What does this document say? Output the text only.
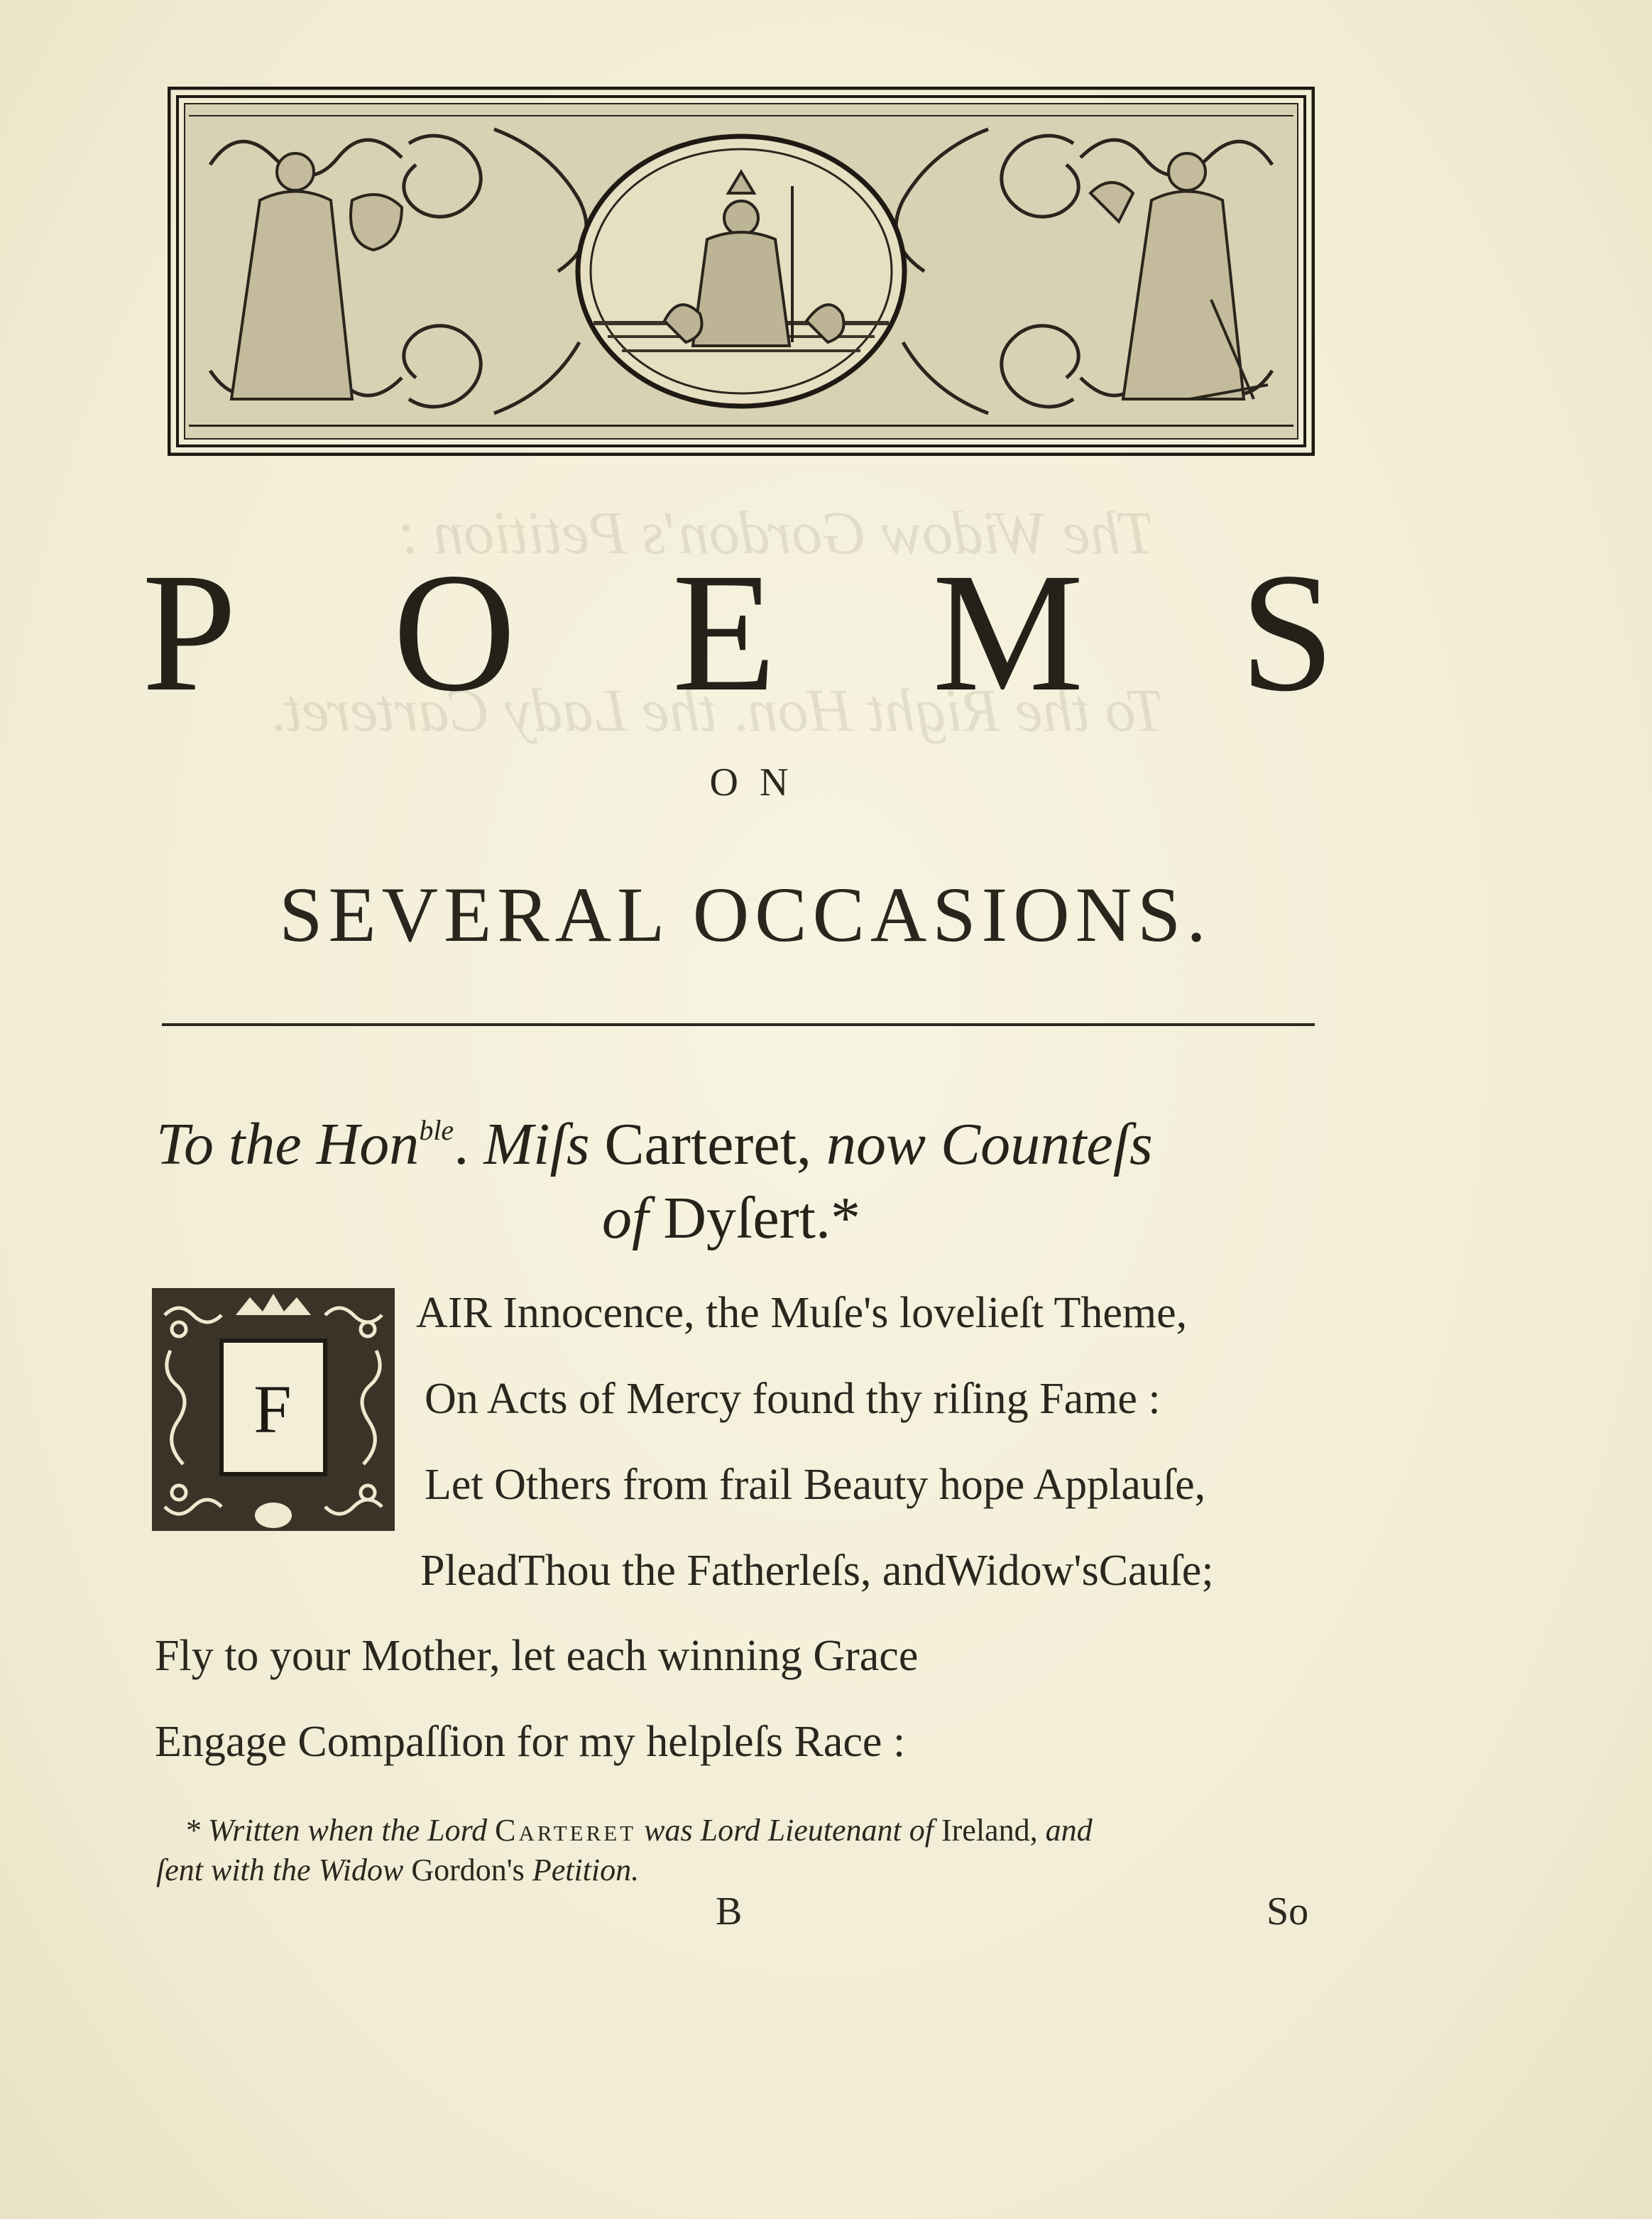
The Widow Gordon's Petition :
To the Right Hon. the Lady Carteret.
P O E M S
ON
SEVERAL OCCASIONS.
To the Hon$^{ble}$. Miſs Carteret, now Counteſs
of Dyſert.*
F
AIR Innocence, the Muſe's lovelieſt Theme,
On Acts of Mercy found thy riſing Fame :
Let Others from frail Beauty hope Applauſe,
PleadThou the Fatherleſs, andWidow'sCauſe;
Fly to your Mother, let each winning Grace
Engage Compaſſion for my helpleſs Race :
* Written when the Lord Carteret was Lord Lieutenant of Ireland, and
ſent with the Widow Gordon's Petition.
B	So
